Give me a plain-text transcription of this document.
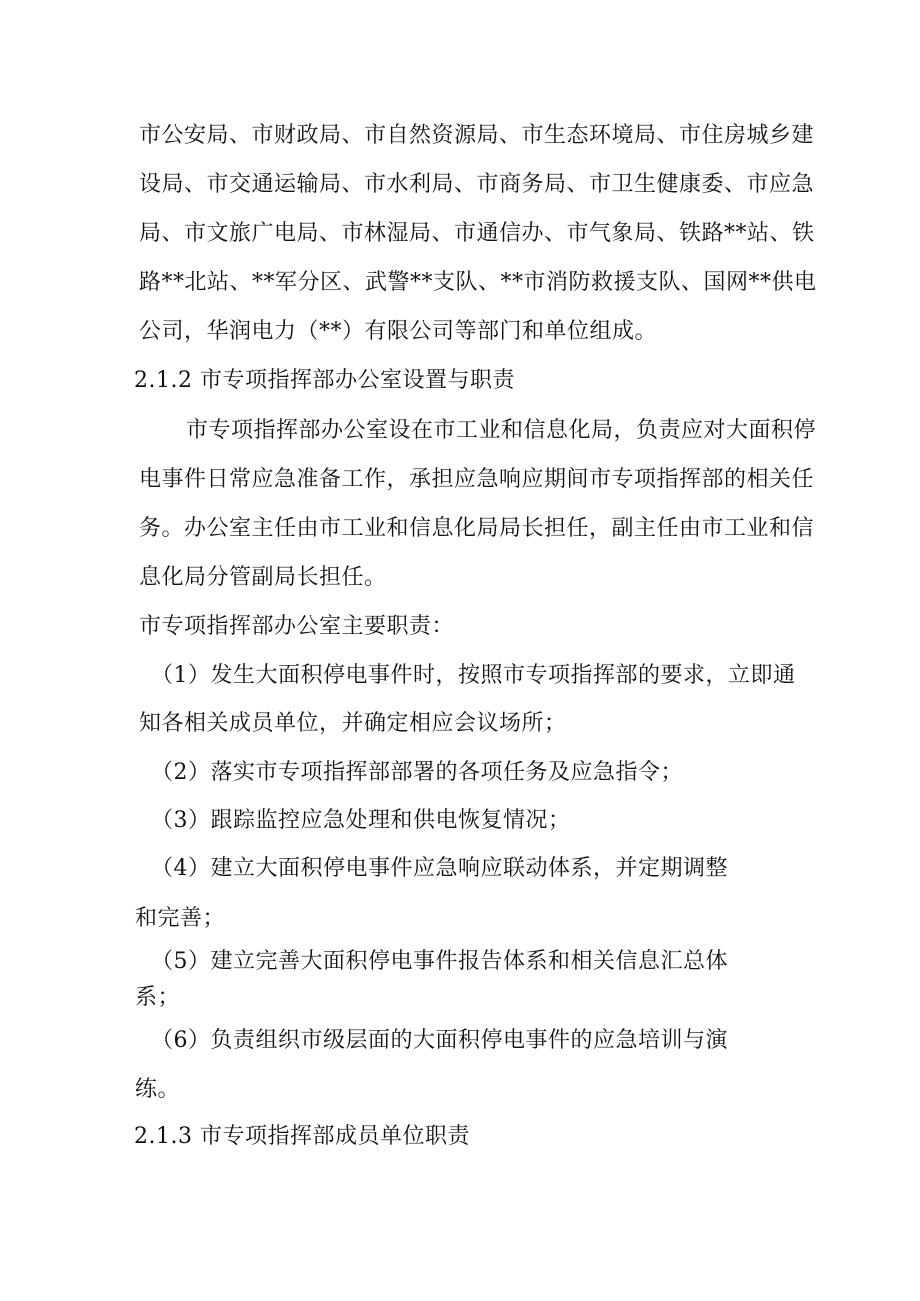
市公安局、市财政局、市自然资源局、市生态环境局、市住房城乡建
设局、市交通运输局、市水利局、市商务局、市卫生健康委、市应急
局、市文旅广电局、市林湿局、市通信办、市气象局、铁路**站、铁
路**北站、**军分区、武警**支队、**市消防救援支队、国网**供电
公司，华润电力（**）有限公司等部门和单位组成。
2.1.2 市专项指挥部办公室设置与职责
市专项指挥部办公室设在市工业和信息化局，负责应对大面积停
电事件日常应急准备工作，承担应急响应期间市专项指挥部的相关任
务。办公室主任由市工业和信息化局局长担任，副主任由市工业和信
息化局分管副局长担任。
市专项指挥部办公室主要职责：
（1）发生大面积停电事件时，按照市专项指挥部的要求，立即通
知各相关成员单位，并确定相应会议场所；
（2）落实市专项指挥部部署的各项任务及应急指令；
（3）跟踪监控应急处理和供电恢复情况；
（4）建立大面积停电事件应急响应联动体系，并定期调整
和完善；
（5）建立完善大面积停电事件报告体系和相关信息汇总体
系；
（6）负责组织市级层面的大面积停电事件的应急培训与演
练。
2.1.3 市专项指挥部成员单位职责
